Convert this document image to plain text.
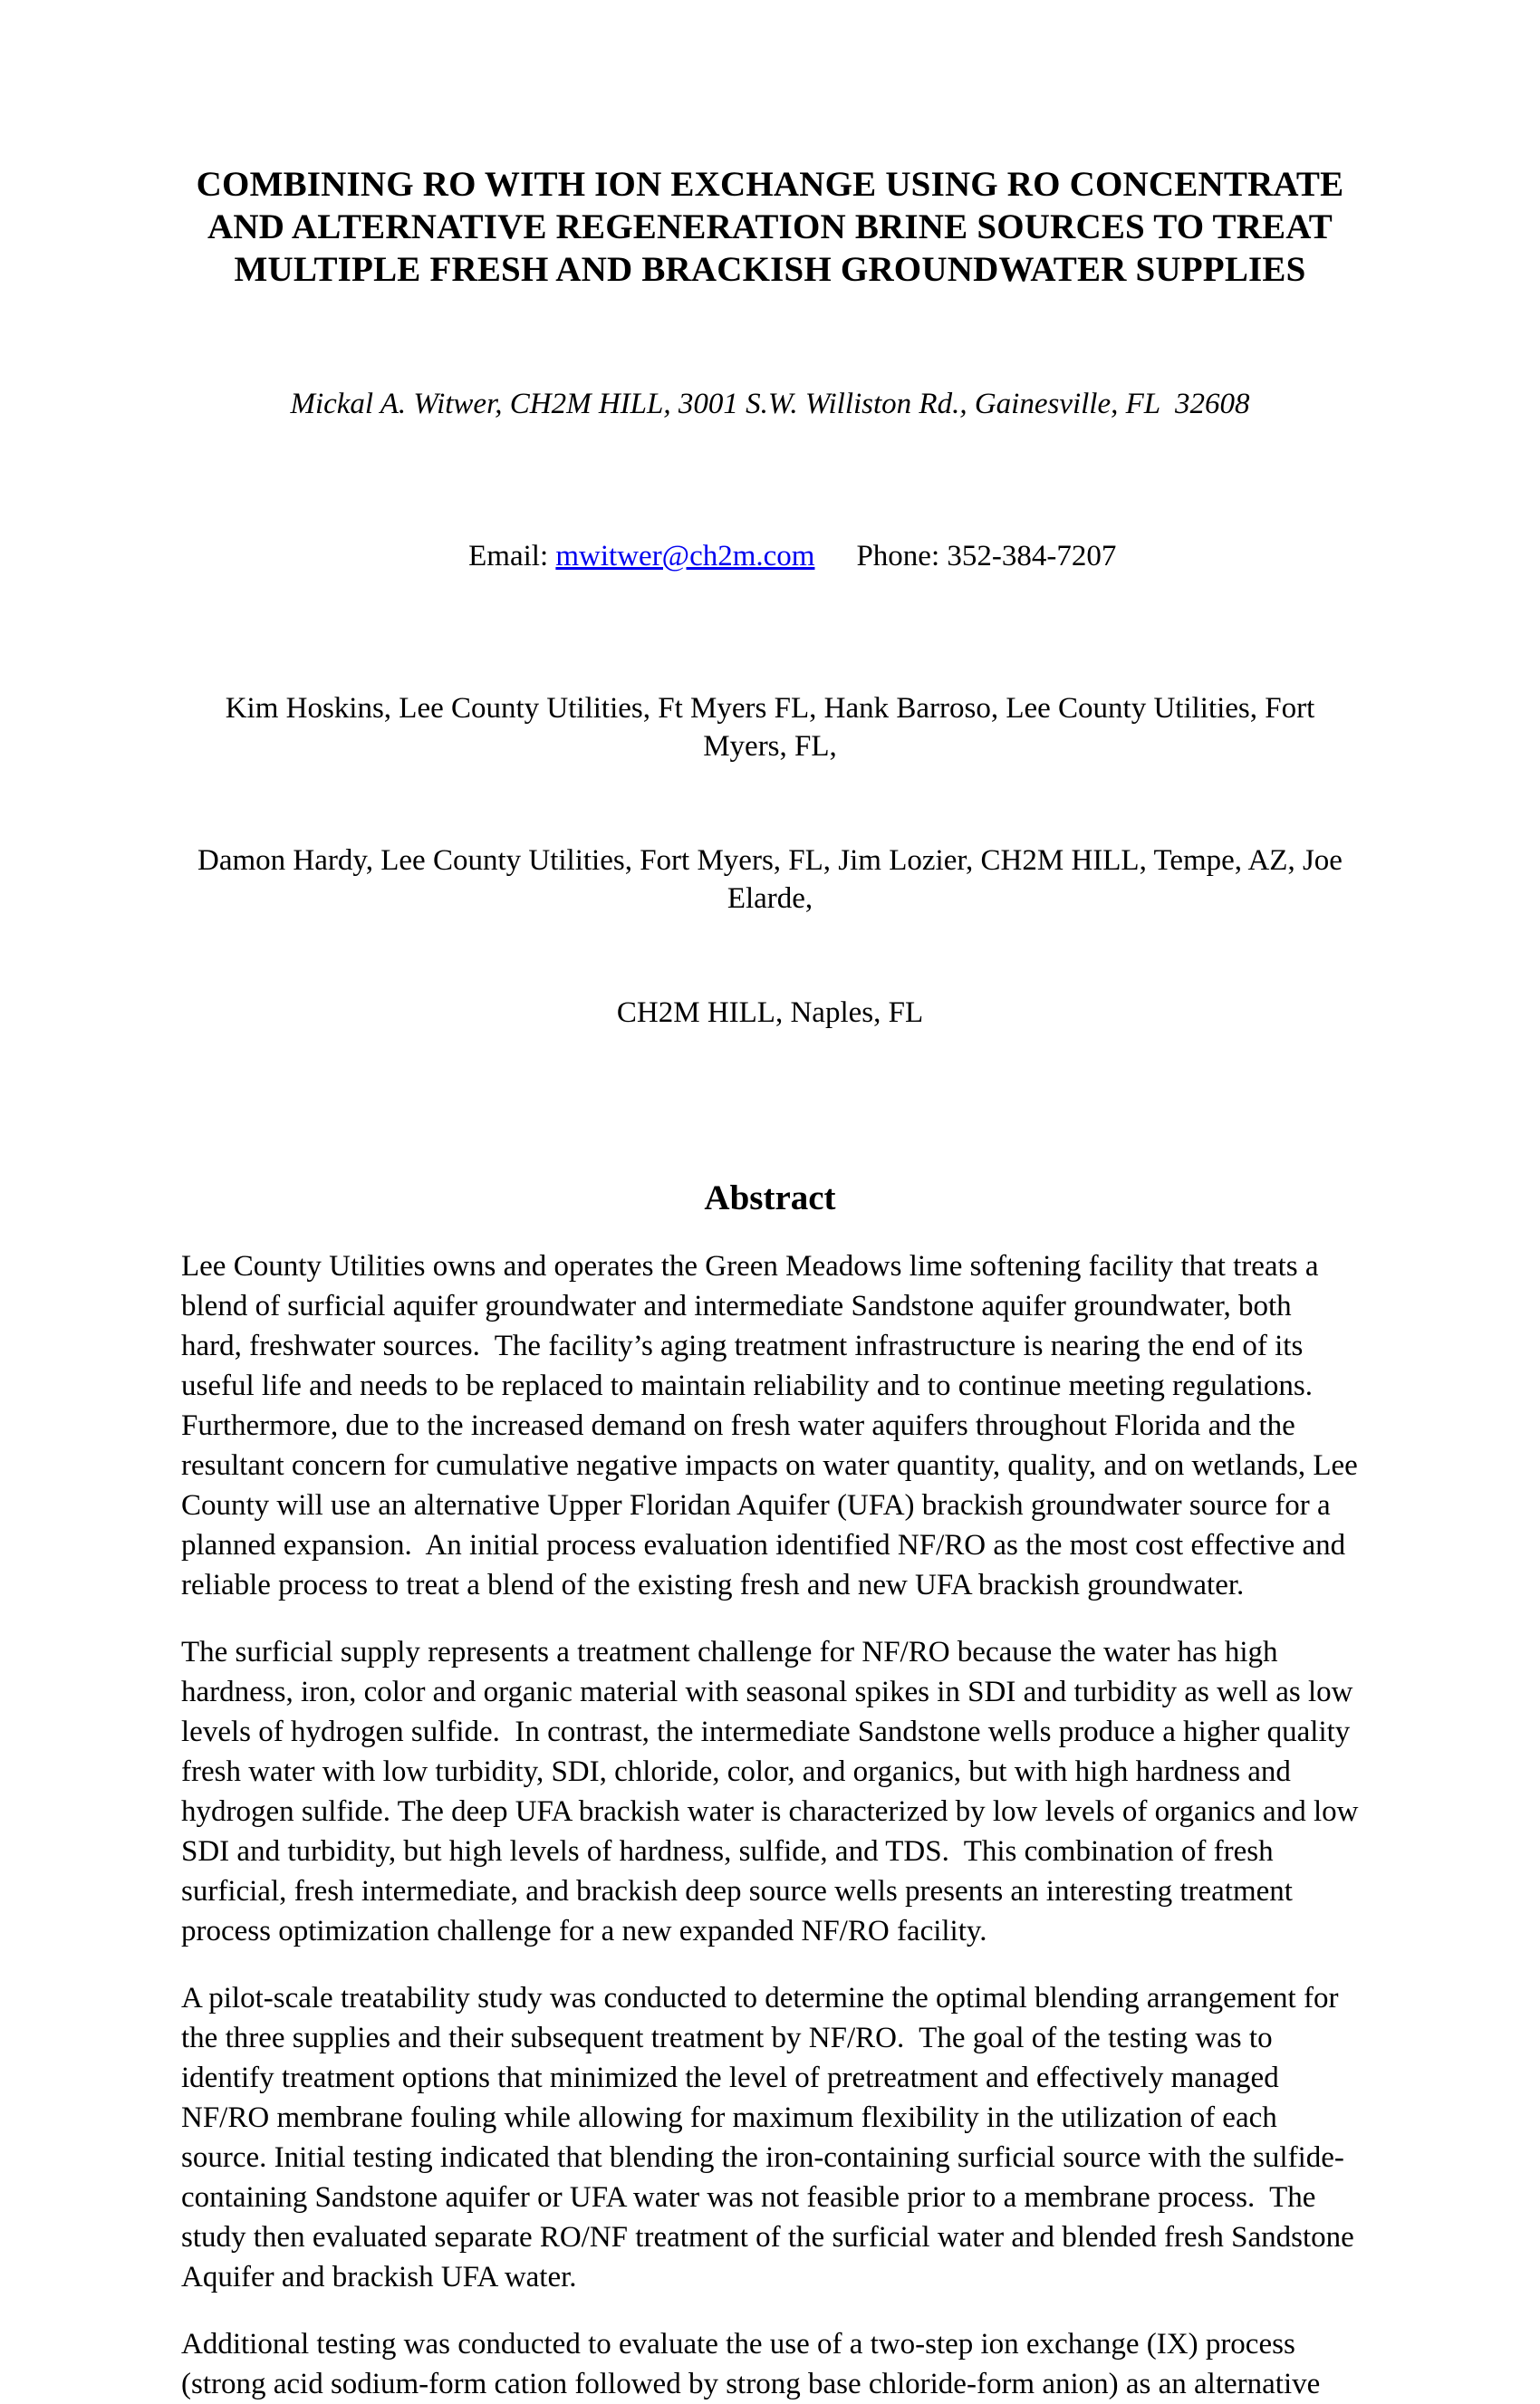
COMBINING RO WITH ION EXCHANGE USING RO CONCENTRATE
AND ALTERNATIVE REGENERATION BRINE SOURCES TO TREAT
MULTIPLE FRESH AND BRACKISH GROUNDWATER SUPPLIES

Mickal A. Witwer, CH2M HILL, 3001 S.W. Williston Rd., Gainesville, FL  32608

Email: mwitwer@ch2m.com Phone: 352-384-7207

Kim Hoskins, Lee County Utilities, Ft Myers FL, Hank Barroso, Lee County Utilities, Fort Myers, FL,

Damon Hardy, Lee County Utilities, Fort Myers, FL, Jim Lozier, CH2M HILL, Tempe, AZ, Joe Elarde,

CH2M HILL, Naples, FL

Abstract

Lee County Utilities owns and operates the Green Meadows lime softening facility that treats a blend of surficial aquifer groundwater and intermediate Sandstone aquifer groundwater, both hard, freshwater sources.  The facility’s aging treatment infrastructure is nearing the end of its useful life and needs to be replaced to maintain reliability and to continue meeting regulations.  Furthermore, due to the increased demand on fresh water aquifers throughout Florida and the resultant concern for cumulative negative impacts on water quantity, quality, and on wetlands, Lee County will use an alternative Upper Floridan Aquifer (UFA) brackish groundwater source for a planned expansion.  An initial process evaluation identified NF/RO as the most cost effective and reliable process to treat a blend of the existing fresh and new UFA brackish groundwater.

The surficial supply represents a treatment challenge for NF/RO because the water has high hardness, iron, color and organic material with seasonal spikes in SDI and turbidity as well as low levels of hydrogen sulfide.  In contrast, the intermediate Sandstone wells produce a higher quality fresh water with low turbidity, SDI, chloride, color, and organics, but with high hardness and hydrogen sulfide. The deep UFA brackish water is characterized by low levels of organics and low SDI and turbidity, but high levels of hardness, sulfide, and TDS.  This combination of fresh surficial, fresh intermediate, and brackish deep source wells presents an interesting treatment process optimization challenge for a new expanded NF/RO facility.

A pilot-scale treatability study was conducted to determine the optimal blending arrangement for the three supplies and their subsequent treatment by NF/RO.  The goal of the testing was to identify treatment options that minimized the level of pretreatment and effectively managed NF/RO membrane fouling while allowing for maximum flexibility in the utilization of each source. Initial testing indicated that blending the iron-containing surficial source with the sulfide-containing Sandstone aquifer or UFA water was not feasible prior to a membrane process.  The study then evaluated separate RO/NF treatment of the surficial water and blended fresh Sandstone Aquifer and brackish UFA water.

Additional testing was conducted to evaluate the use of a two-step ion exchange (IX) process (strong acid sodium-form cation followed by strong base chloride-form anion) as an alternative
